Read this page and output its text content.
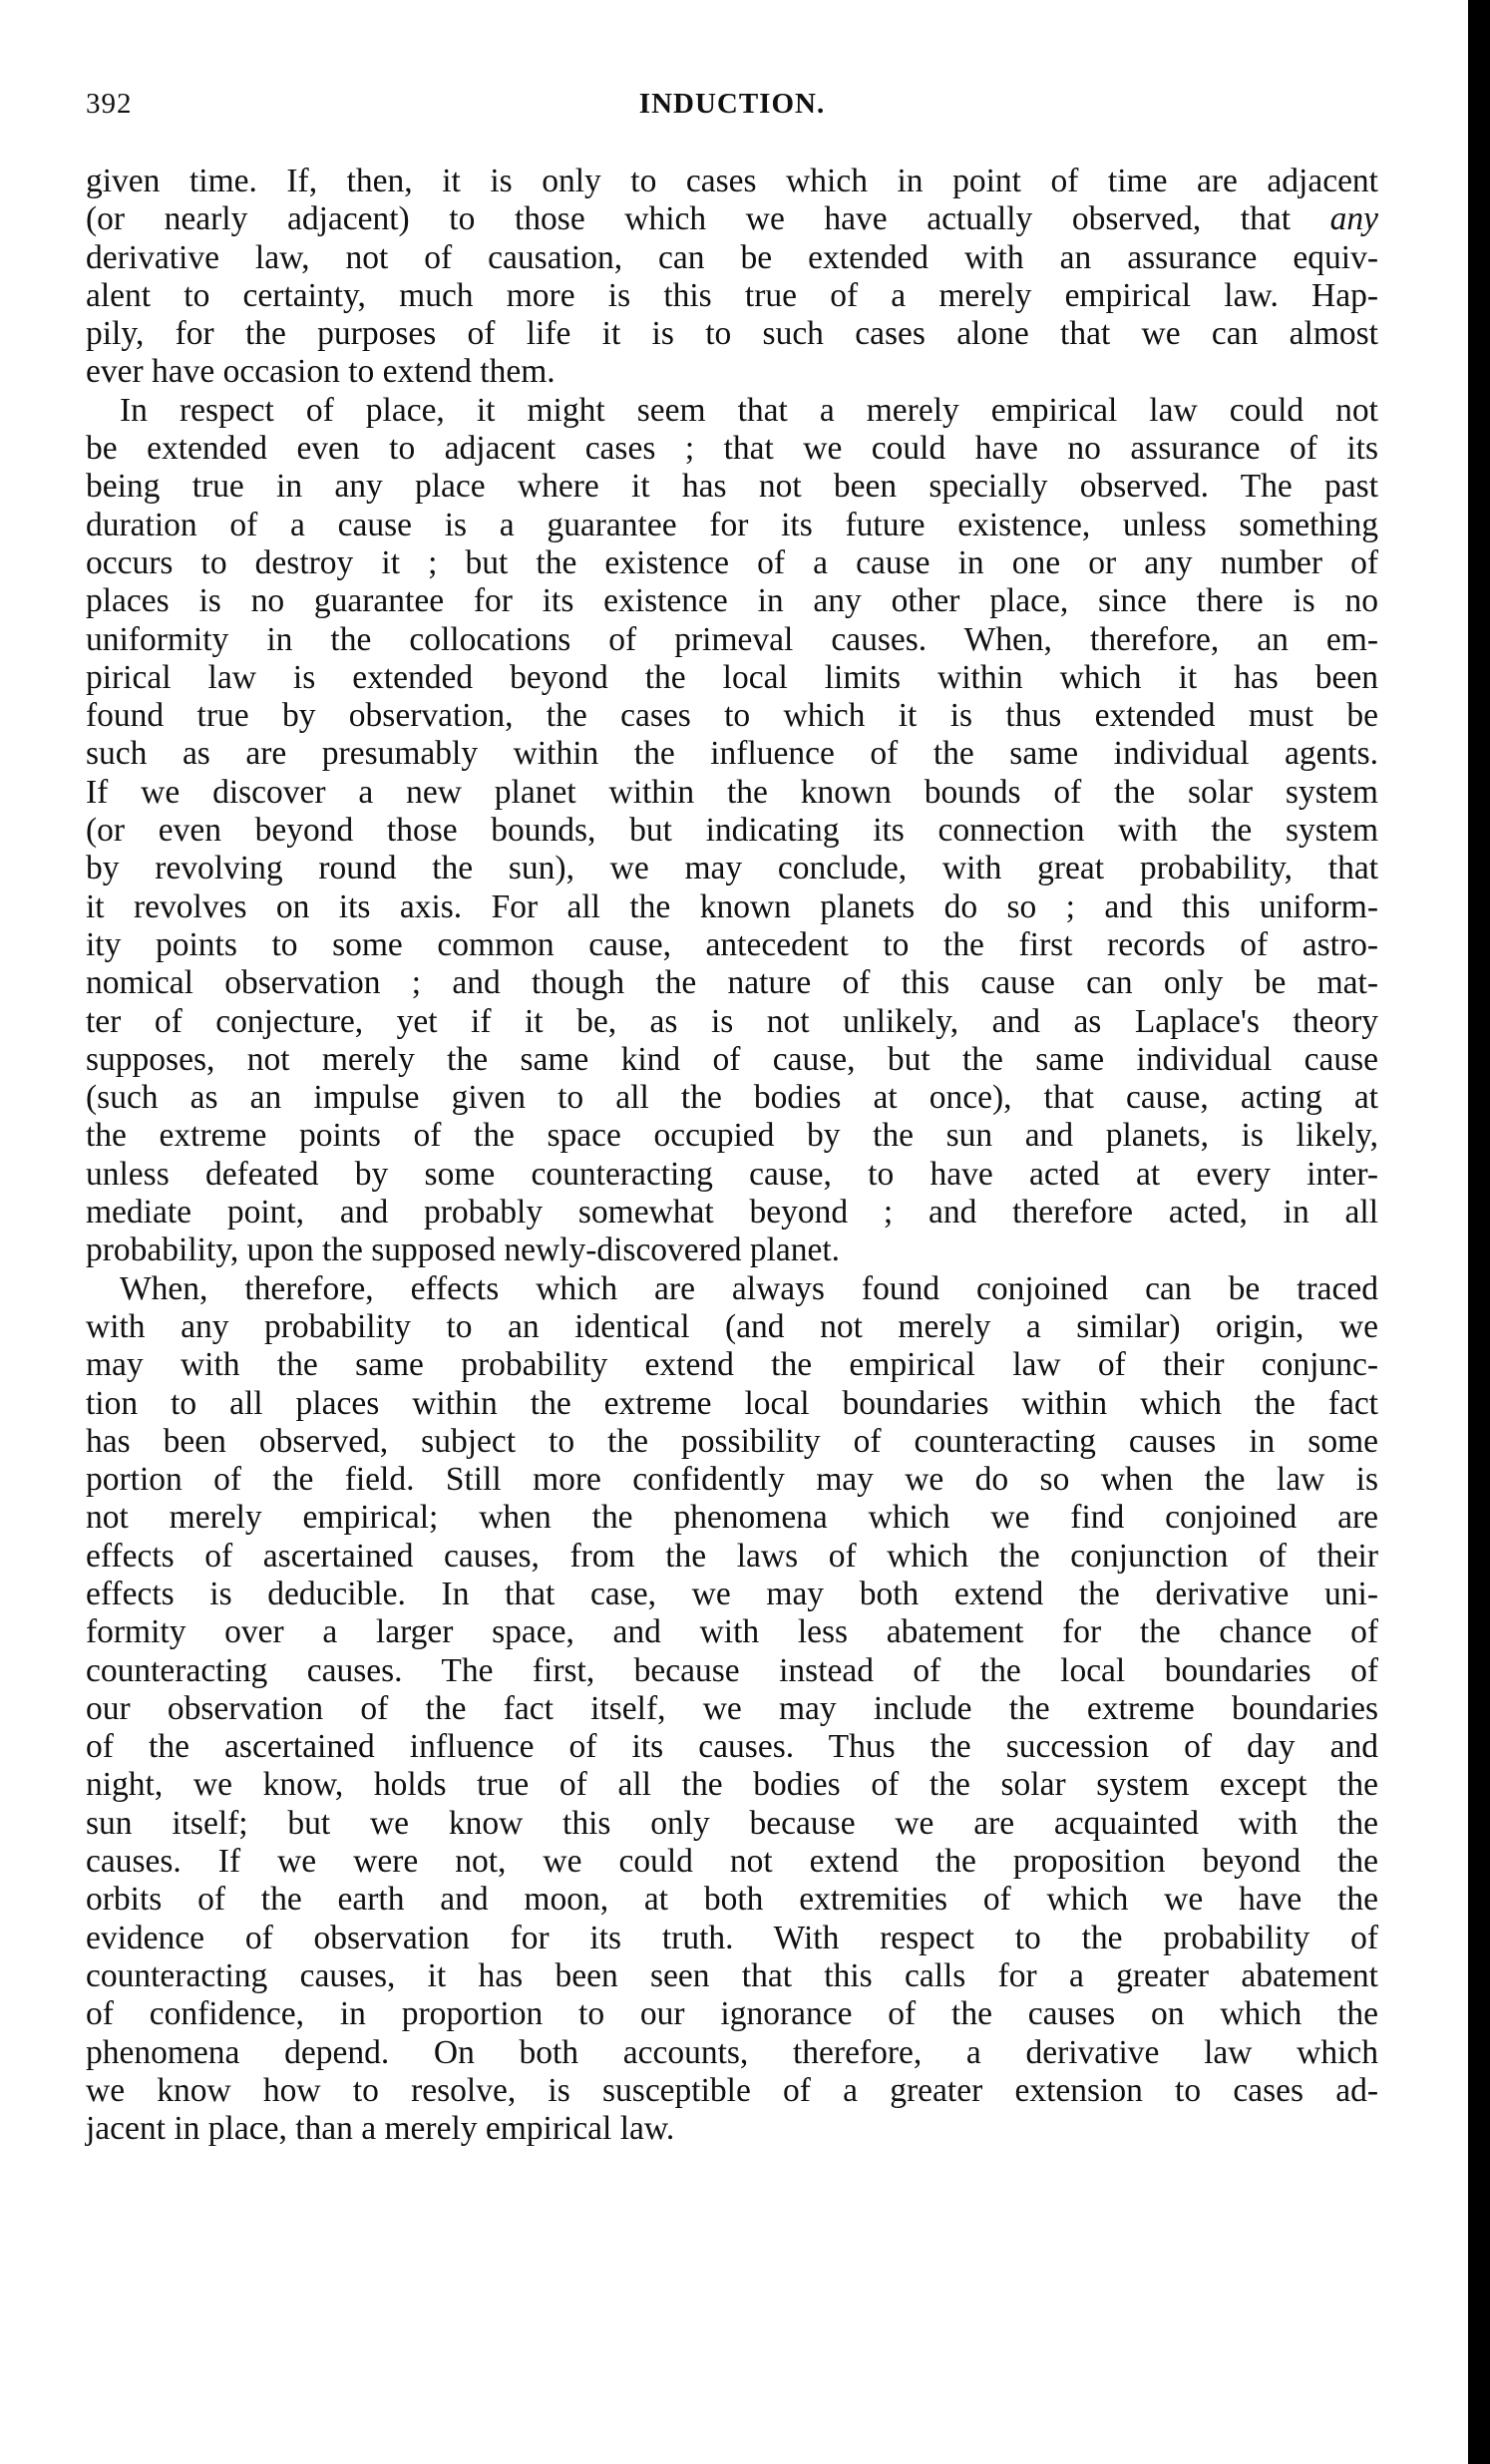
392	INDUCTION.
given time. If, then, it is only to cases which in point of time are adjacent
(or nearly adjacent) to those which we have actually observed, that any
derivative law, not of causation, can be extended with an assurance equiv-
alent to certainty, much more is this true of a merely empirical law. Hap-
pily, for the purposes of life it is to such cases alone that we can almost
ever have occasion to extend them.
In respect of place, it might seem that a merely empirical law could not
be extended even to adjacent cases ; that we could have no assurance of its
being true in any place where it has not been specially observed. The past
duration of a cause is a guarantee for its future existence, unless something
occurs to destroy it ; but the existence of a cause in one or any number of
places is no guarantee for its existence in any other place, since there is no
uniformity in the collocations of primeval causes. When, therefore, an em-
pirical law is extended beyond the local limits within which it has been
found true by observation, the cases to which it is thus extended must be
such as are presumably within the influence of the same individual agents.
If we discover a new planet within the known bounds of the solar system
(or even beyond those bounds, but indicating its connection with the system
by revolving round the sun), we may conclude, with great probability, that
it revolves on its axis. For all the known planets do so ; and this uniform-
ity points to some common cause, antecedent to the first records of astro-
nomical observation ; and though the nature of this cause can only be mat-
ter of conjecture, yet if it be, as is not unlikely, and as Laplace's theory
supposes, not merely the same kind of cause, but the same individual cause
(such as an impulse given to all the bodies at once), that cause, acting at
the extreme points of the space occupied by the sun and planets, is likely,
unless defeated by some counteracting cause, to have acted at every inter-
mediate point, and probably somewhat beyond ; and therefore acted, in all
probability, upon the supposed newly-discovered planet.
When, therefore, effects which are always found conjoined can be traced
with any probability to an identical (and not merely a similar) origin, we
may with the same probability extend the empirical law of their conjunc-
tion to all places within the extreme local boundaries within which the fact
has been observed, subject to the possibility of counteracting causes in some
portion of the field. Still more confidently may we do so when the law is
not merely empirical; when the phenomena which we find conjoined are
effects of ascertained causes, from the laws of which the conjunction of their
effects is deducible. In that case, we may both extend the derivative uni-
formity over a larger space, and with less abatement for the chance of
counteracting causes. The first, because instead of the local boundaries of
our observation of the fact itself, we may include the extreme boundaries
of the ascertained influence of its causes. Thus the succession of day and
night, we know, holds true of all the bodies of the solar system except the
sun itself; but we know this only because we are acquainted with the
causes. If we were not, we could not extend the proposition beyond the
orbits of the earth and moon, at both extremities of which we have the
evidence of observation for its truth. With respect to the probability of
counteracting causes, it has been seen that this calls for a greater abatement
of confidence, in proportion to our ignorance of the causes on which the
phenomena depend. On both accounts, therefore, a derivative law which
we know how to resolve, is susceptible of a greater extension to cases ad-
jacent in place, than a merely empirical law.
